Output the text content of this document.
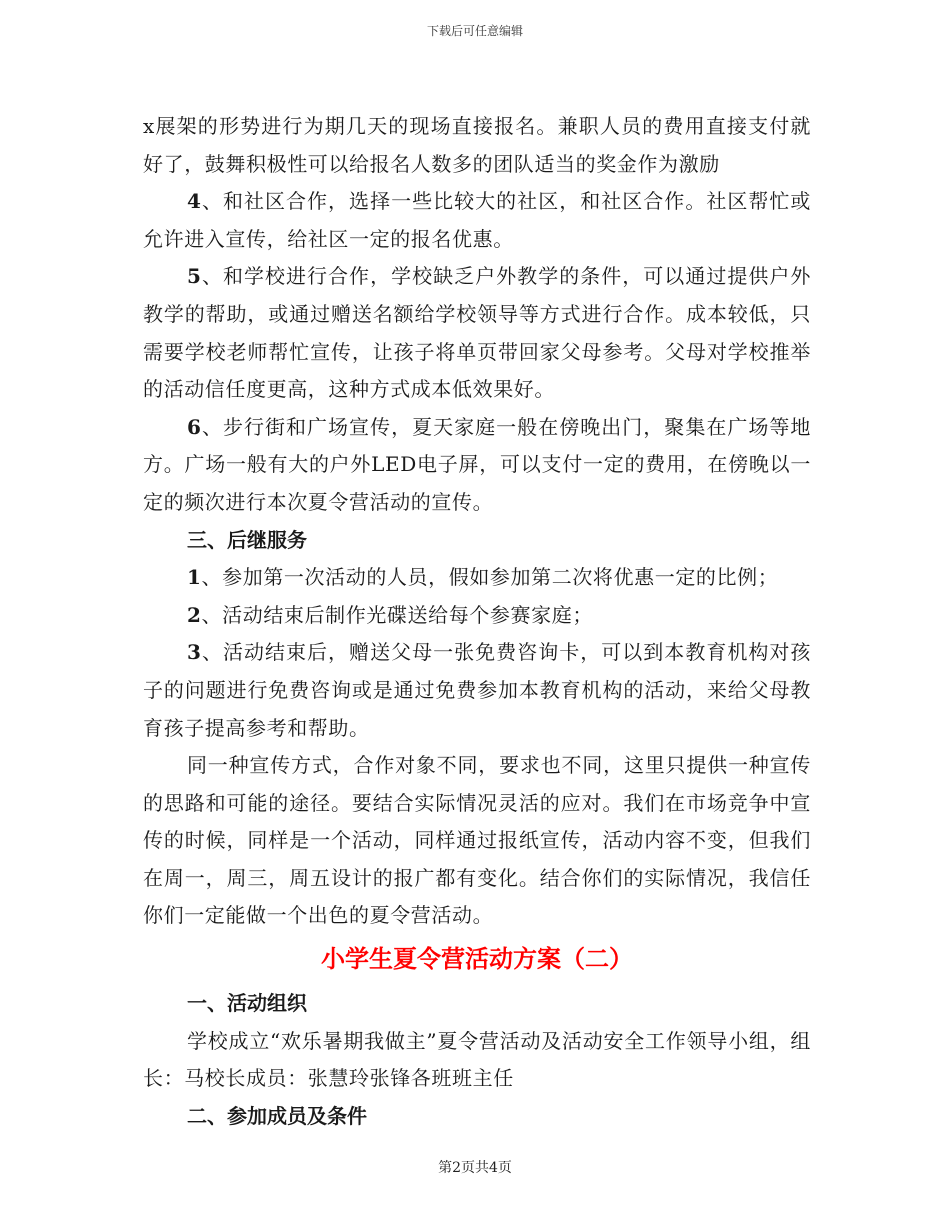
下载后可任意编辑

x展架的形势进行为期几天的现场直接报名。兼职人员的费用直接支付就好了，鼓舞积极性可以给报名人数多的团队适当的奖金作为激励

4、和社区合作，选择一些比较大的社区，和社区合作。社区帮忙或允许进入宣传，给社区一定的报名优惠。

5、和学校进行合作，学校缺乏户外教学的条件，可以通过提供户外教学的帮助，或通过赠送名额给学校领导等方式进行合作。成本较低，只需要学校老师帮忙宣传，让孩子将单页带回家父母参考。父母对学校推举的活动信任度更高，这种方式成本低效果好。

6、步行街和广场宣传，夏天家庭一般在傍晚出门，聚集在广场等地方。广场一般有大的户外LED电子屏，可以支付一定的费用，在傍晚以一定的频次进行本次夏令营活动的宣传。

三、后继服务

1、参加第一次活动的人员，假如参加第二次将优惠一定的比例；

2、活动结束后制作光碟送给每个参赛家庭；

3、活动结束后，赠送父母一张免费咨询卡，可以到本教育机构对孩子的问题进行免费咨询或是通过免费参加本教育机构的活动，来给父母教育孩子提高参考和帮助。

同一种宣传方式，合作对象不同，要求也不同，这里只提供一种宣传的思路和可能的途径。要结合实际情况灵活的应对。我们在市场竞争中宣传的时候，同样是一个活动，同样通过报纸宣传，活动内容不变，但我们在周一，周三，周五设计的报广都有变化。结合你们的实际情况，我信任你们一定能做一个出色的夏令营活动。

小学生夏令营活动方案（二）

一、活动组织

学校成立“欢乐暑期我做主”夏令营活动及活动安全工作领导小组，组长：马校长成员：张慧玲张锋各班班主任

二、参加成员及条件

第2页共4页
